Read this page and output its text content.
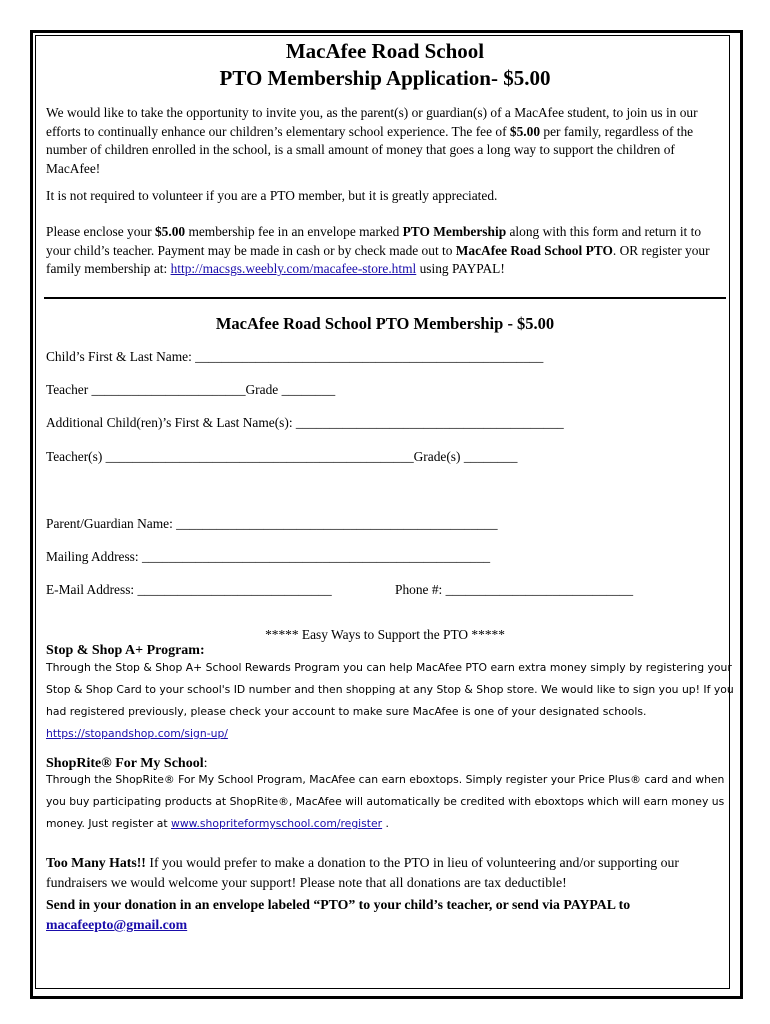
MacAfee Road School
PTO Membership Application- $5.00
We would like to take the opportunity to invite you, as the parent(s) or guardian(s) of a MacAfee student, to join us in our efforts to continually enhance our children’s elementary school experience. The fee of $5.00 per family, regardless of the number of children enrolled in the school, is a small amount of money that goes a long way to support the children of MacAfee!
It is not required to volunteer if you are a PTO member, but it is greatly appreciated.
Please enclose your $5.00 membership fee in an envelope marked PTO Membership along with this form and return it to your child’s teacher. Payment may be made in cash or by check made out to MacAfee Road School PTO. OR register your family membership at: http://macsgs.weebly.com/macafee-store.html using PAYPAL!
MacAfee Road School PTO Membership - $5.00
Child’s First & Last Name: ____________________________________________________
Teacher _______________________Grade ________
Additional Child(ren)’s First & Last Name(s): ________________________________________
Teacher(s) ______________________________________________Grade(s) ________
Parent/Guardian Name: ________________________________________________
Mailing Address: ____________________________________________________
E-Mail Address: _____________________________	Phone #: ____________________________
***** Easy Ways to Support the PTO *****
Stop & Shop A+ Program:
Through the Stop & Shop A+ School Rewards Program you can help MacAfee PTO earn extra money simply by registering your Stop & Shop Card to your school's ID number and then shopping at any Stop & Shop store. We would like to sign you up! If you had registered previously, please check your account to make sure MacAfee is one of your designated schools. https://stopandshop.com/sign-up/
ShopRite® For My School:
Through the ShopRite® For My School Program, MacAfee can earn eboxtops. Simply register your Price Plus® card and when you buy participating products at ShopRite®, MacAfee will automatically be credited with eboxtops which will earn money us money. Just register at www.shopriteformyschool.com/register .
Too Many Hats!! If you would prefer to make a donation to the PTO in lieu of volunteering and/or supporting our fundraisers we would welcome your support! Please note that all donations are tax deductible!
Send in your donation in an envelope labeled “PTO” to your child’s teacher, or send via PAYPAL to macafeepto@gmail.com
